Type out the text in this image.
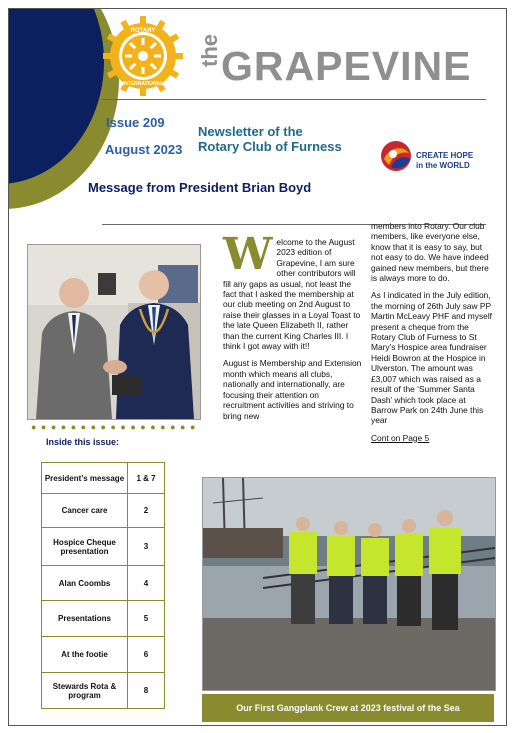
ROTARY
INTERNATIONAL
the GRAPEVINE
Issue 209
August 2023
Newsletter of the
Rotary Club of Furness
CREATE HOPE
in the WORLD
Message from President Brian Boyd
● ● ● ● ● ● ● ● ● ● ● ● ● ● ● ● ●
Inside this issue:
President’s message	1 & 7
Cancer care	2
Hospice Cheque presentation	3
Alan Coombs	4
Presentations	5
At the footie	6
Stewards Rota & program	8

Welcome to the August 2023 edition of Grapevine, I am sure other contributors will fill any gaps as usual, not least the fact that I asked the membership at our club meeting on 2nd August to raise their glasses in a Loyal Toast to the late Queen Elizabeth II, rather than the current King Charles III. I think I got away with it!!

August is Membership and Extension month which means all clubs, nationally and internationally, are focusing their attention on recruitment activities and striving to bring new

members into Rotary. Our club members, like everyone else, know that it is easy to say, but not easy to do. We have indeed gained new members, but there is always more to do.

As I indicated in the July edition, the morning of 26th July saw PP Martin McLeavy PHF and myself present a cheque from the Rotary Club of Furness to St Mary's Hospice area fundraiser Heidi Bowron at the Hospice in Ulverston. The amount was £3,007 which was raised as a result of the ‘Summer Santa Dash’ which took place at Barrow Park on 24th June this year

Cont on Page 5

Our First Gangplank Crew at 2023 festival of the Sea
